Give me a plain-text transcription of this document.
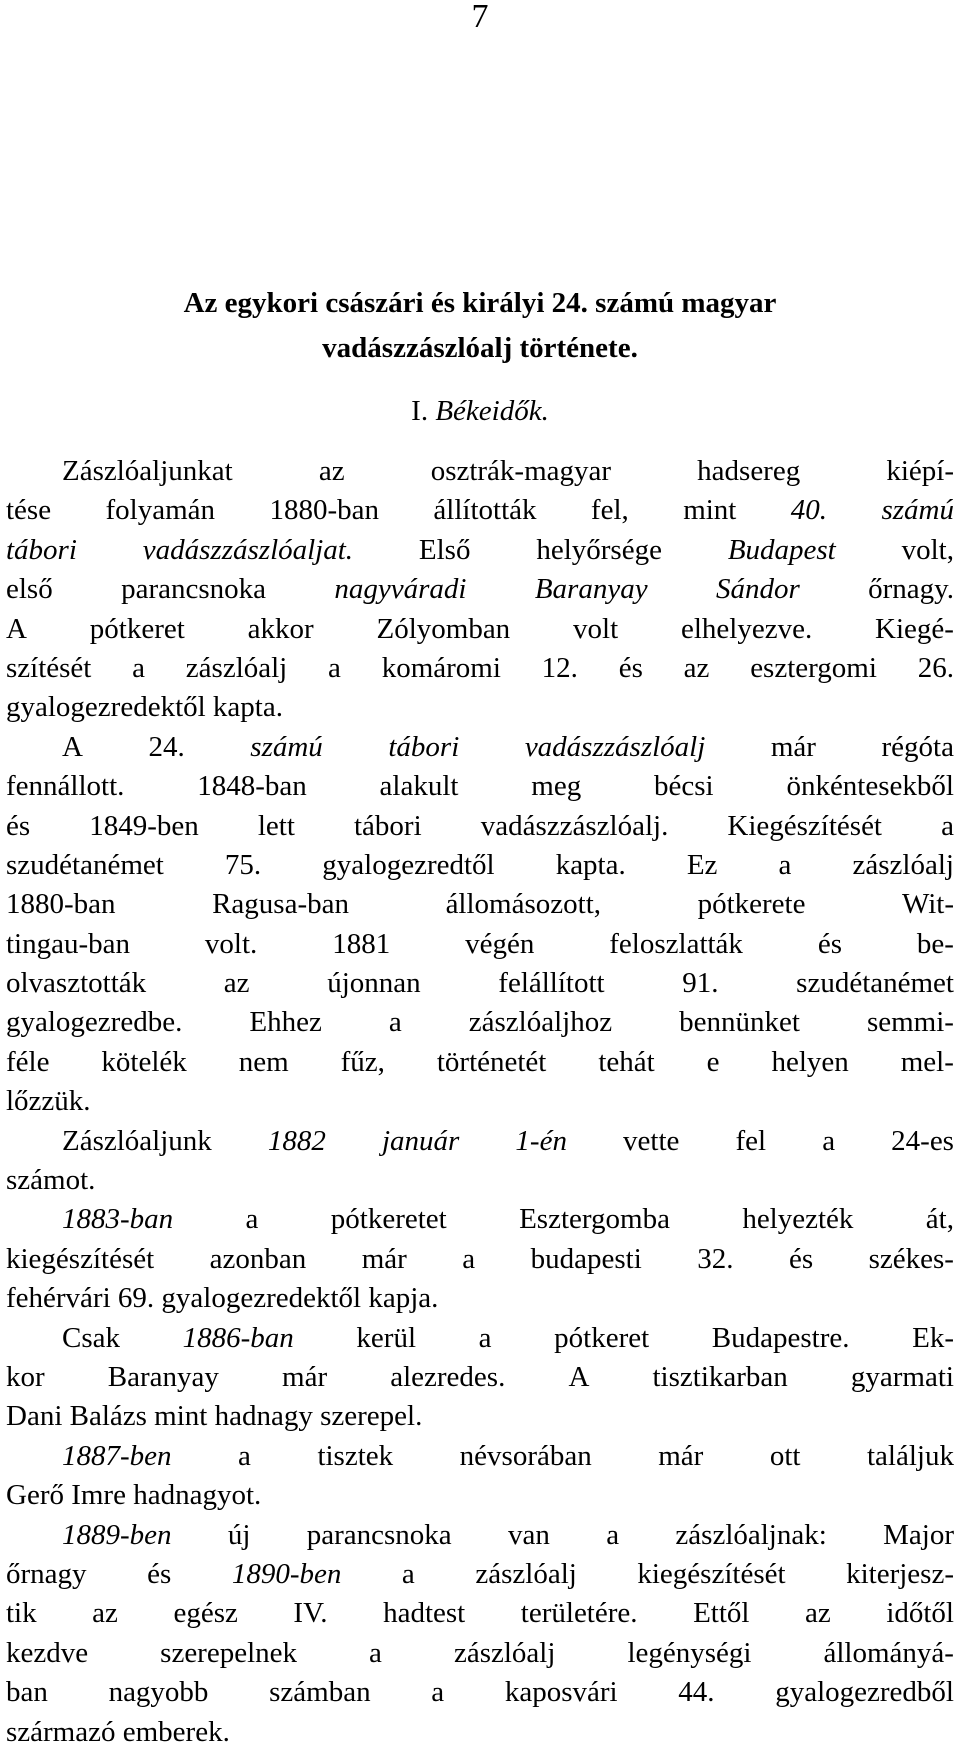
7
Az egykori császári és királyi 24. számú magyar
vadászzászlóalj története.
I. Békeidők.
Zászlóaljunkat	az	osztrák-magyar	hadsereg	kiépí-
tése folyamán 1880-ban állították fel, mint 40. számú
tábori vadászzászlóaljat. Első helyőrsége Budapest volt,
első parancsnoka nagyváradi Baranyay Sándor őrnagy.
A pótkeret akkor Zólyomban volt elhelyezve. Kiegé-
szítését a zászlóalj a komáromi 12. és az esztergomi 26.
gyalogezredektől kapta.
A 24. számú tábori vadászzászlóalj már régóta
fennállott.	1848-ban	alakult	meg	bécsi	önkéntesekből
és 1849-ben lett tábori vadászzászlóalj. Kiegészítését a
szudétanémet 75. gyalogezredtől kapta. Ez a zászlóalj
1880-ban	Ragusa-ban	állomásozott,	pótkerete	Wit-
tingau-ban	volt.	1881	végén	feloszlatták	és	be-
olvasztották	az	újonnan	felállított	91.	szudétanémet
gyalogezredbe. Ehhez a zászlóaljhoz bennünket semmi-
féle kötelék nem fűz, történetét tehát e helyen mel-
lőzzük.
Zászlóaljunk 1882 január 1-én vette fel a 24-es
számot.
1883-ban a pótkeretet Esztergomba helyezték át,
kiegészítését azonban már a budapesti 32. és székes-
fehérvári 69. gyalogezredektől kapja.
Csak 1886-ban kerül a pótkeret Budapestre. Ek-
kor Baranyay már alezredes. A tisztikarban gyarmati
Dani Balázs mint hadnagy szerepel.
1887-ben a tisztek névsorában már ott találjuk
Gerő Imre hadnagyot.
1889-ben új parancsnoka van a zászlóaljnak: Major
őrnagy és 1890-ben a zászlóalj kiegészítését kiterjesz-
tik az egész IV. hadtest területére. Ettől az időtől
kezdve szerepelnek a zászlóalj legénységi állományá-
ban nagyobb számban a kaposvári 44. gyalogezredből
származó emberek.
